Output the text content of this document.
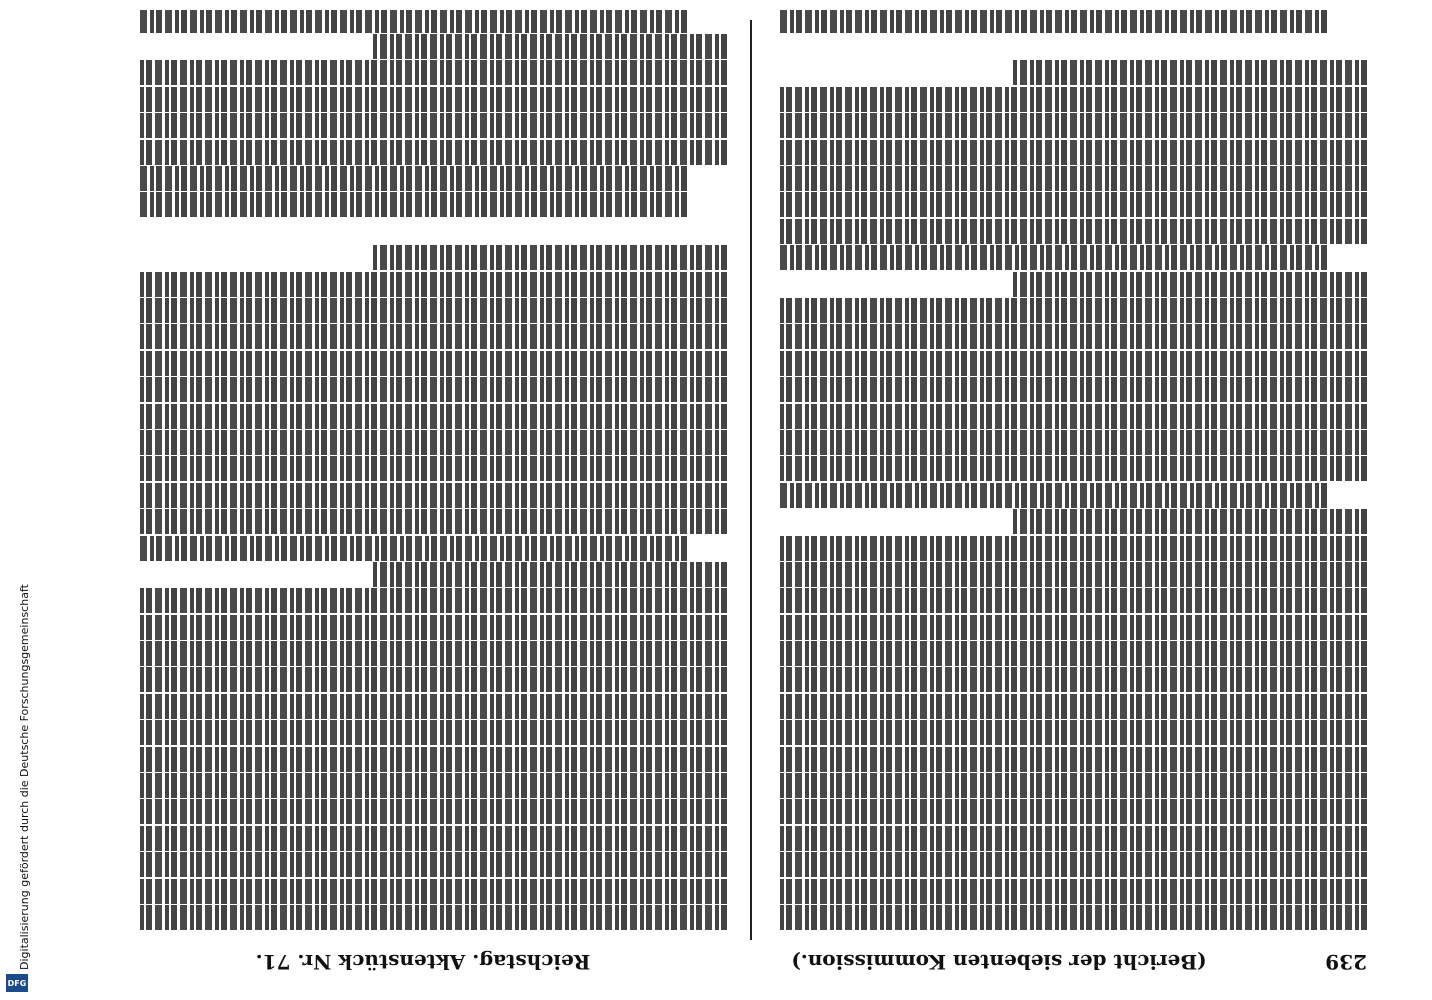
Digitalisierung gefördert durch die Deutsche Forschungsgemeinschaft
DFG
239
(Bericht der siebenten Kommission.)
Reichstag. Aktenstück Nr. 71.
